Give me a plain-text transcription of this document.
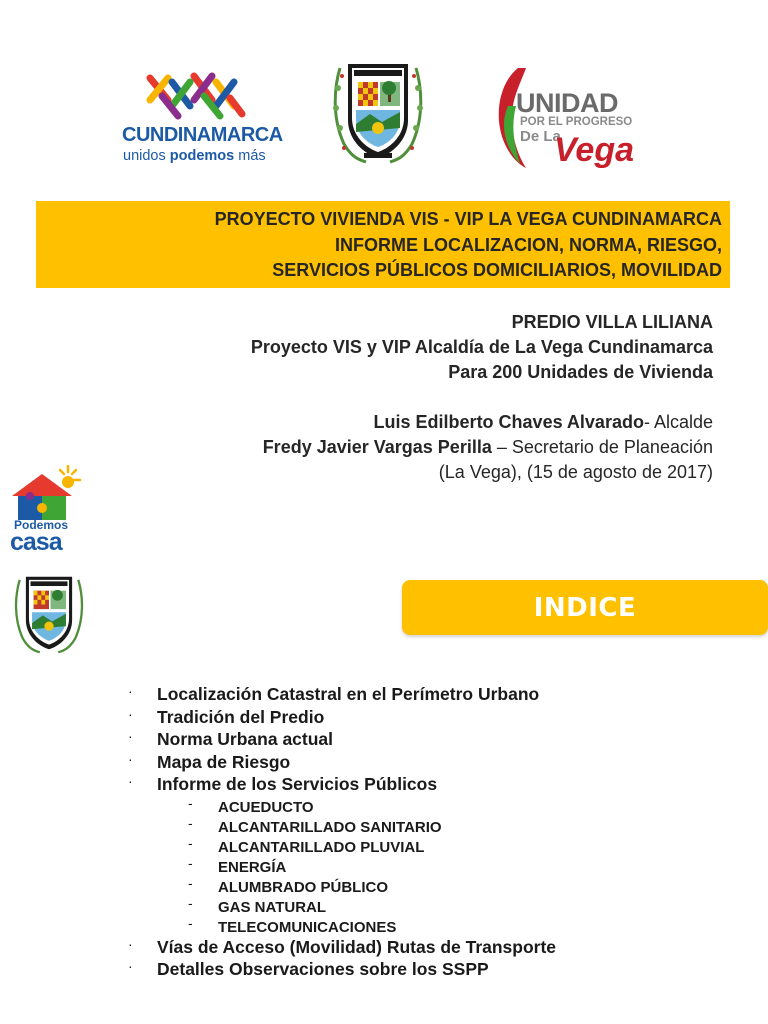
CUNDINAMARCA
unidos podemos más
UNIDAD
POR EL PROGRESO
De La
Vega
PROYECTO VIVIENDA VIS - VIP LA VEGA CUNDINAMARCA
INFORME LOCALIZACION, NORMA, RIESGO,
SERVICIOS PÚBLICOS DOMICILIARIOS, MOVILIDAD
PREDIO VILLA LILIANA
Proyecto VIS y VIP Alcaldía de La Vega Cundinamarca
Para 200 Unidades de Vivienda
Luis Edilberto Chaves Alvarado- Alcalde
Fredy Javier Vargas Perilla – Secretario de Planeación
(La Vega), (15 de agosto de 2017)
Podemos
casa
INDICE
· Localización Catastral en el Perímetro Urbano
· Tradición del Predio
· Norma Urbana actual
· Mapa de Riesgo
· Informe de los Servicios Públicos
- ACUEDUCTO
- ALCANTARILLADO SANITARIO
- ALCANTARILLADO PLUVIAL
- ENERGÍA
- ALUMBRADO PÚBLICO
- GAS NATURAL
- TELECOMUNICACIONES
· Vías de Acceso (Movilidad) Rutas de Transporte
· Detalles Observaciones sobre los SSPP
